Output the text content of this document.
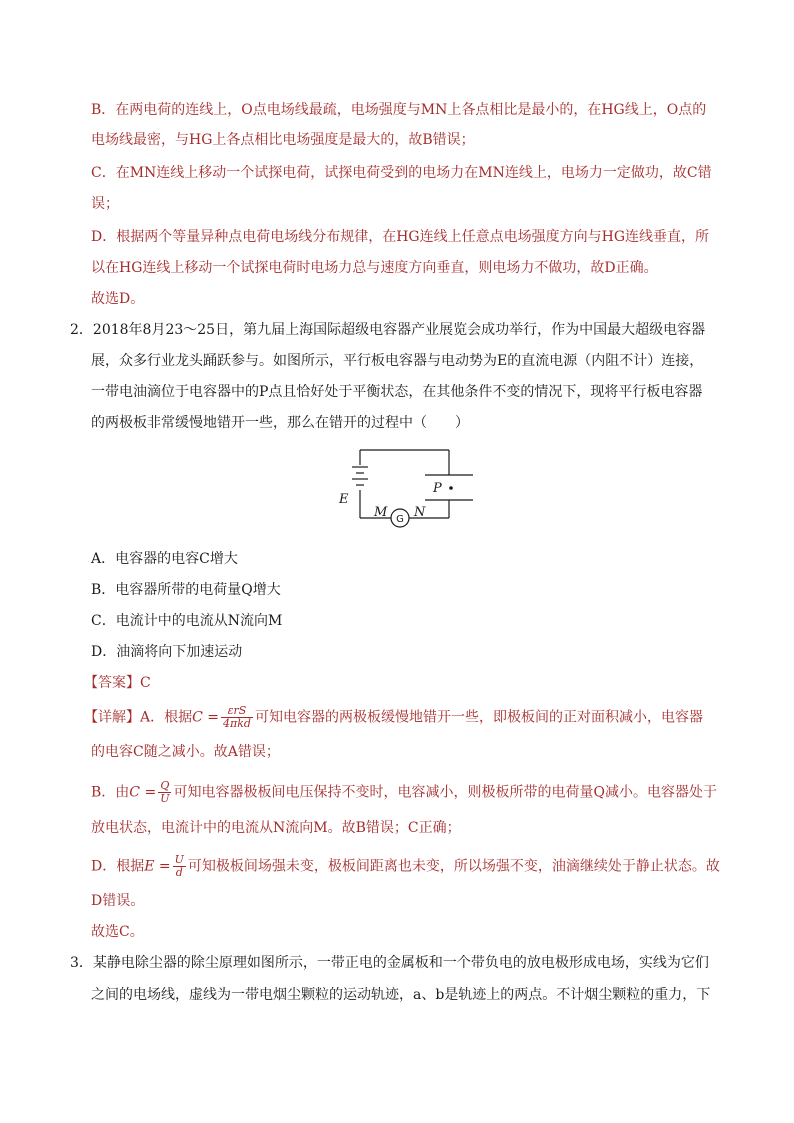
B．在两电荷的连线上，O点电场线最疏，电场强度与MN上各点相比是最小的，在HG线上，O点的
电场线最密，与HG上各点相比电场强度是最大的，故B错误；
C．在MN连线上移动一个试探电荷，试探电荷受到的电场力在MN连线上，电场力一定做功，故C错
误；
D．根据两个等量异种点电荷电场线分布规律，在HG连线上任意点电场强度方向与HG连线垂直，所
以在HG连线上移动一个试探电荷时电场力总与速度方向垂直，则电场力不做功，故D正确。
故选D。
2．2018年8月23～25日，第九届上海国际超级电容器产业展览会成功举行，作为中国最大超级电容器
展，众多行业龙头踊跃参与。如图所示，平行板电容器与电动势为E的直流电源（内阻不计）连接，
一带电油滴位于电容器中的P点且恰好处于平衡状态，在其他条件不变的情况下，现将平行板电容器
的两极板非常缓慢地错开一些，那么在错开的过程中（　　）
E
P
M N
G
A．电容器的电容C增大
B．电容器所带的电荷量Q增大
C．电流计中的电流从N流向M
D．油滴将向下加速运动
【答案】C
【详解】A．根据$C = \frac{\text{εrS}}{\text{4πkd}}$ 可知电容器的两极板缓慢地错开一些，即极板间的正对面积减小，电容器
的电容C随之减小。故A错误；
B．由$C = \frac{Q}{U}$ 可知电容器极板间电压保持不变时，电容减小，则极板所带的电荷量Q减小。电容器处于
放电状态，电流计中的电流从N流向M。故B错误；C正确；
D．根据$E = \frac{U}{d}$ 可知极板间场强未变，极板间距离也未变，所以场强不变，油滴继续处于静止状态。故
D错误。
故选C。
3．某静电除尘器的除尘原理如图所示，一带正电的金属板和一个带负电的放电极形成电场，实线为它们
之间的电场线，虚线为一带电烟尘颗粒的运动轨迹，a、b是轨迹上的两点。不计烟尘颗粒的重力，下
